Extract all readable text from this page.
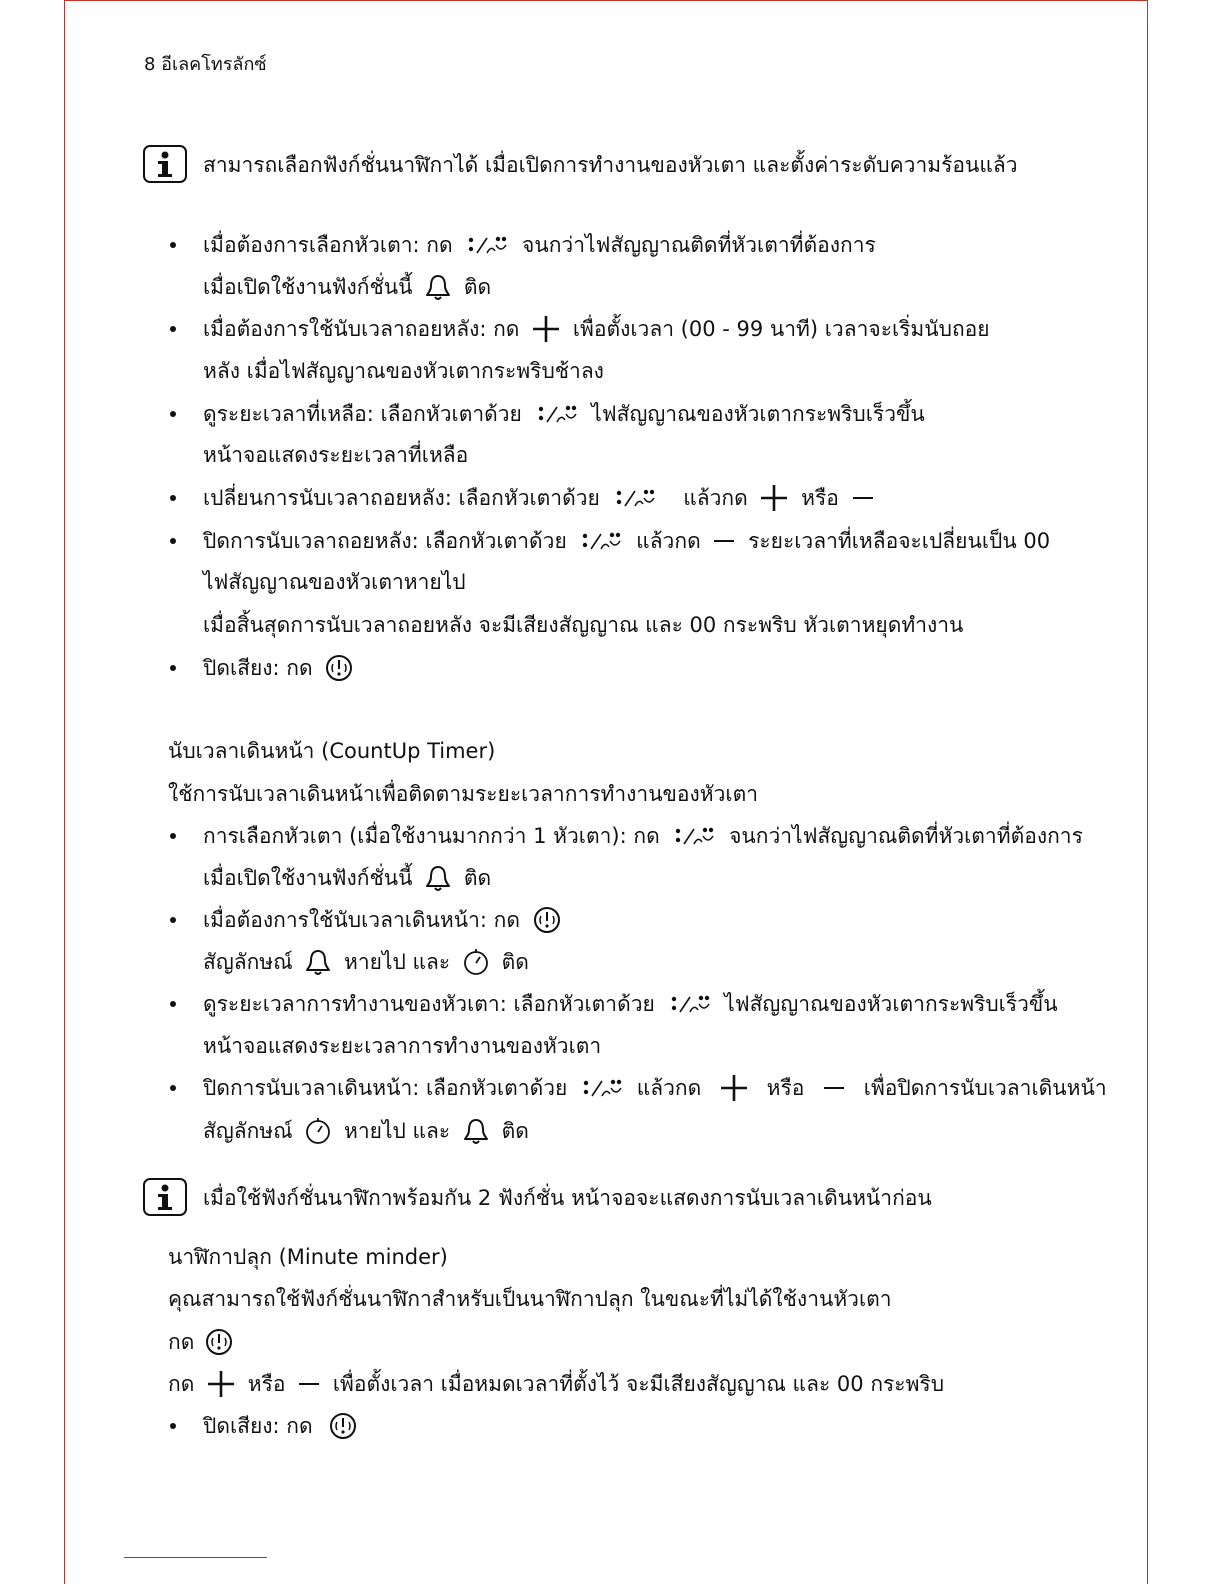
8 อีเลคโทรลักซ์
สามารถเลือกฟังก์ชั่นนาฬิกาได้ เมื่อเปิดการทำงานของหัวเตา และตั้งค่าระดับความร้อนแล้ว
เมื่อต้องการเลือกหัวเตา: กด	จนกว่าไฟสัญญาณติดที่หัวเตาที่ต้องการ
เมื่อเปิดใช้งานฟังก์ชั่นนี้ ติด
เมื่อต้องการใช้นับเวลาถอยหลัง: กด	เพื่อตั้งเวลา (00 - 99 นาที) เวลาจะเริ่มนับถอย
หลัง เมื่อไฟสัญญาณของหัวเตากระพริบช้าลง
ดูระยะเวลาที่เหลือ: เลือกหัวเตาด้วย	ไฟสัญญาณของหัวเตากระพริบเร็วขึ้น
หน้าจอแสดงระยะเวลาที่เหลือ
เปลี่ยนการนับเวลาถอยหลัง: เลือกหัวเตาด้วย	แล้วกด	หรือ
ปิดการนับเวลาถอยหลัง: เลือกหัวเตาด้วย	แล้วกด ระยะเวลาที่เหลือจะเปลี่ยนเป็น 00
ไฟสัญญาณของหัวเตาหายไป
เมื่อสิ้นสุดการนับเวลาถอยหลัง จะมีเสียงสัญญาณ และ 00 กระพริบ หัวเตาหยุดทำงาน
ปิดเสียง: กด
นับเวลาเดินหน้า (CountUp Timer)
ใช้การนับเวลาเดินหน้าเพื่อติดตามระยะเวลาการทำงานของหัวเตา
การเลือกหัวเตา (เมื่อใช้งานมากกว่า 1 หัวเตา): กด	จนกว่าไฟสัญญาณติดที่หัวเตาที่ต้องการ
เมื่อเปิดใช้งานฟังก์ชั่นนี้ ติด
เมื่อต้องการใช้นับเวลาเดินหน้า: กด
สัญลักษณ์ หายไป และ ติด
ดูระยะเวลาการทำงานของหัวเตา: เลือกหัวเตาด้วย	ไฟสัญญาณของหัวเตากระพริบเร็วขึ้น
หน้าจอแสดงระยะเวลาการทำงานของหัวเตา
ปิดการนับเวลาเดินหน้า: เลือกหัวเตาด้วย	แล้วกด	หรือ	เพื่อปิดการนับเวลาเดินหน้า
สัญลักษณ์ หายไป และ ติด
เมื่อใช้ฟังก์ชั่นนาฬิกาพร้อมกัน 2 ฟังก์ชั่น หน้าจอจะแสดงการนับเวลาเดินหน้าก่อน
นาฬิกาปลุก (Minute minder)
คุณสามารถใช้ฟังก์ชั่นนาฬิกาสำหรับเป็นนาฬิกาปลุก ในขณะที่ไม่ได้ใช้งานหัวเตา
กด
กด	หรือ เพื่อตั้งเวลา เมื่อหมดเวลาที่ตั้งไว้ จะมีเสียงสัญญาณ และ 00 กระพริบ
ปิดเสียง: กด
